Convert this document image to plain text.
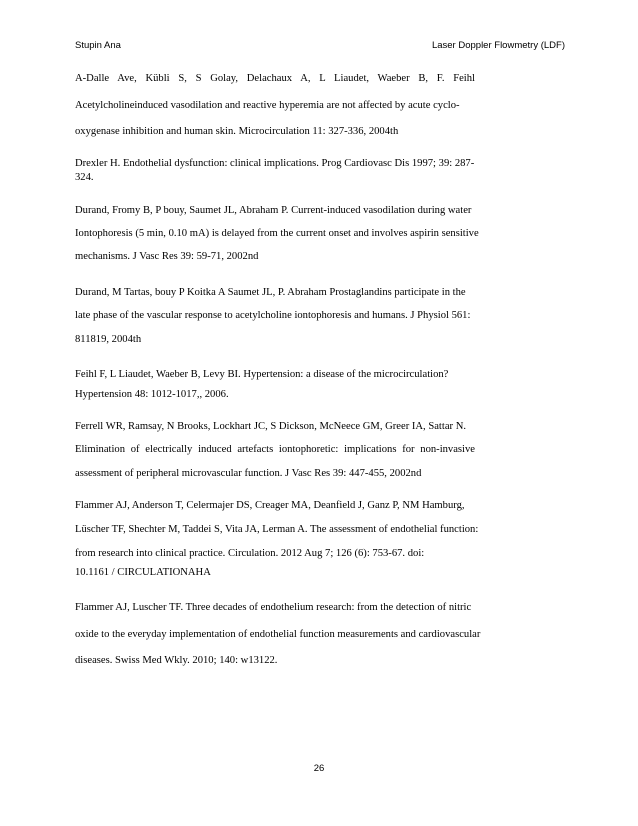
Stupin Ana	Laser Doppler Flowmetry (LDF)
A-Dalle Ave, Kübli S, S Golay, Delachaux A, L Liaudet, Waeber B, F. Feihl
Acetylcholineinduced vasodilation and reactive hyperemia are not affected by acute cyclo-
oxygenase inhibition and human skin. Microcirculation 11: 327-336, 2004th
Drexler H. Endothelial dysfunction: clinical implications. Prog Cardiovasc Dis 1997; 39: 287-
324.
Durand, Fromy B, P bouy, Saumet JL, Abraham P. Current-induced vasodilation during water
Iontophoresis (5 min, 0.10 mA) is delayed from the current onset and involves aspirin sensitive
mechanisms. J Vasc Res 39: 59-71, 2002nd
Durand, M Tartas, bouy P Koitka A Saumet JL, P. Abraham Prostaglandins participate in the
late phase of the vascular response to acetylcholine iontophoresis and humans. J Physiol 561:
811819, 2004th
Feihl F, L Liaudet, Waeber B, Levy BI. Hypertension: a disease of the microcirculation?
Hypertension 48: 1012-1017,, 2006.
Ferrell WR, Ramsay, N Brooks, Lockhart JC, S Dickson, McNeece GM, Greer IA, Sattar N.
Elimination of electrically induced artefacts iontophoretic: implications for non-invasive
assessment of peripheral microvascular function. J Vasc Res 39: 447-455, 2002nd
Flammer AJ, Anderson T, Celermajer DS, Creager MA, Deanfield J, Ganz P, NM Hamburg,
Lüscher TF, Shechter M, Taddei S, Vita JA, Lerman A. The assessment of endothelial function:
from research into clinical practice. Circulation. 2012 Aug 7; 126 (6): 753-67. doi:
10.1161 / CIRCULATIONAHA
Flammer AJ, Luscher TF. Three decades of endothelium research: from the detection of nitric
oxide to the everyday implementation of endothelial function measurements and cardiovascular
diseases. Swiss Med Wkly. 2010; 140: w13122.
26
